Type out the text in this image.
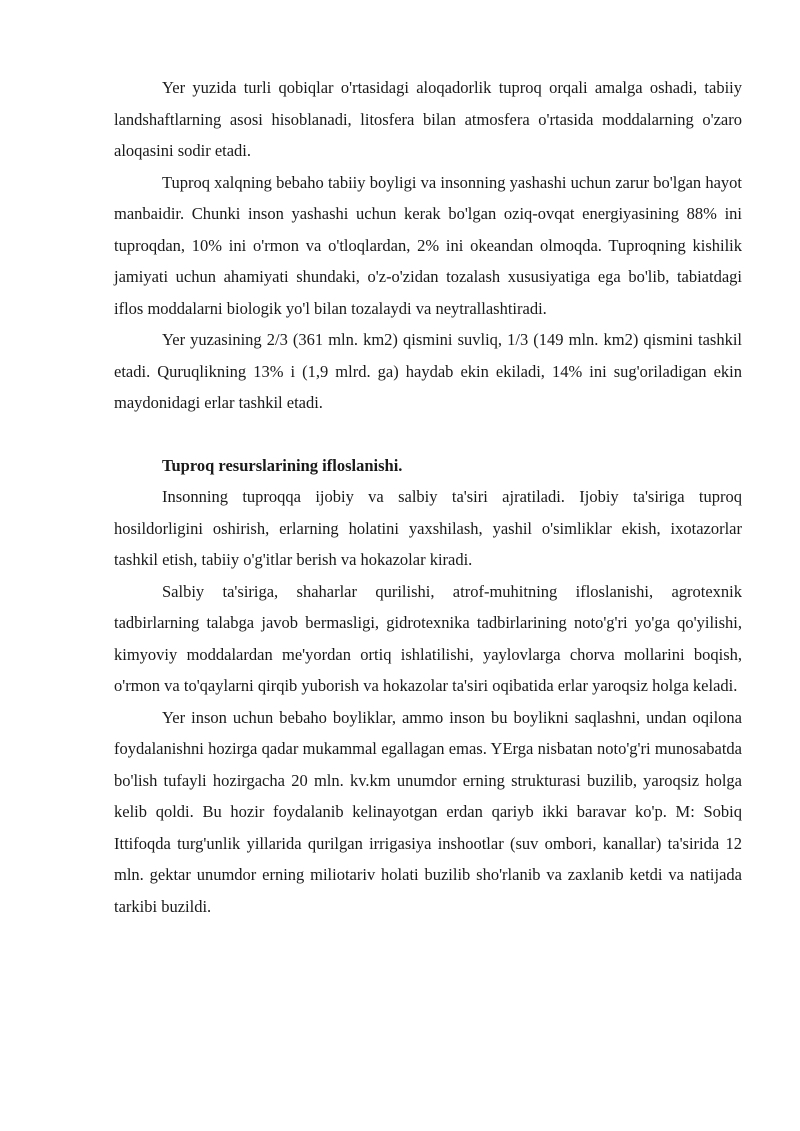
Yer yuzida turli qobiqlar o'rtasidagi aloqadorlik tuproq orqali amalga oshadi, tabiiy landshaftlarning asosi hisoblanadi, litosfera bilan atmosfera o'rtasida moddalarning o'zaro aloqasini sodir etadi.

Tuproq xalqning bebaho tabiiy boyligi va insonning yashashi uchun zarur bo'lgan hayot manbaidir. Chunki inson yashashi uchun kerak bo'lgan oziq-ovqat energiyasining 88% ini tuproqdan, 10% ini o'rmon va o'tloqlardan, 2% ini okeandan olmoqda. Tuproqning kishilik jamiyati uchun ahamiyati shundaki, o'z-o'zidan tozalash xususiyatiga ega bo'lib, tabiatdagi iflos moddalarni biologik yo'l bilan tozalaydi va neytrallashtiradi.

Yer yuzasining 2/3 (361 mln. km2) qismini suvliq, 1/3 (149 mln. km2) qismini tashkil etadi. Quruqlikning 13% i (1,9 mlrd. ga) haydab ekin ekiladi, 14% ini sug'oriladigan ekin maydonidagi erlar tashkil etadi.

Tuproq resurslarining ifloslanishi.

Insonning tuproqqa ijobiy va salbiy ta'siri ajratiladi. Ijobiy ta'siriga tuproq hosildorligini oshirish, erlarning holatini yaxshilash, yashil o'simliklar ekish, ixotazorlar tashkil etish, tabiiy o'g'itlar berish va hokazolar kiradi.

Salbiy ta'siriga, shaharlar qurilishi, atrof-muhitning ifloslanishi, agrotexnik tadbirlarning talabga javob bermasligi, gidrotexnika tadbirlarining noto'g'ri yo'ga qo'yilishi, kimyoviy moddalardan me'yordan ortiq ishlatilishi, yaylovlarga chorva mollarini boqish, o'rmon va to'qaylarni qirqib yuborish va hokazolar ta'siri oqibatida erlar yaroqsiz holga keladi.

Yer inson uchun bebaho boyliklar, ammo inson bu boylikni saqlashni, undan oqilona foydalanishni hozirga qadar mukammal egallagan emas. YErga nisbatan noto'g'ri munosabatda bo'lish tufayli hozirgacha 20 mln. kv.km unumdor erning strukturasi buzilib, yaroqsiz holga kelib qoldi. Bu hozir foydalanib kelinayotgan erdan qariyb ikki baravar ko'p. M: Sobiq Ittifoqda turg'unlik yillarida qurilgan irrigasiya inshootlar (suv ombori, kanallar) ta'sirida 12 mln. gektar unumdor erning miliotariv holati buzilib sho'rlanib va zaxlanib ketdi va natijada tarkibi buzildi.
